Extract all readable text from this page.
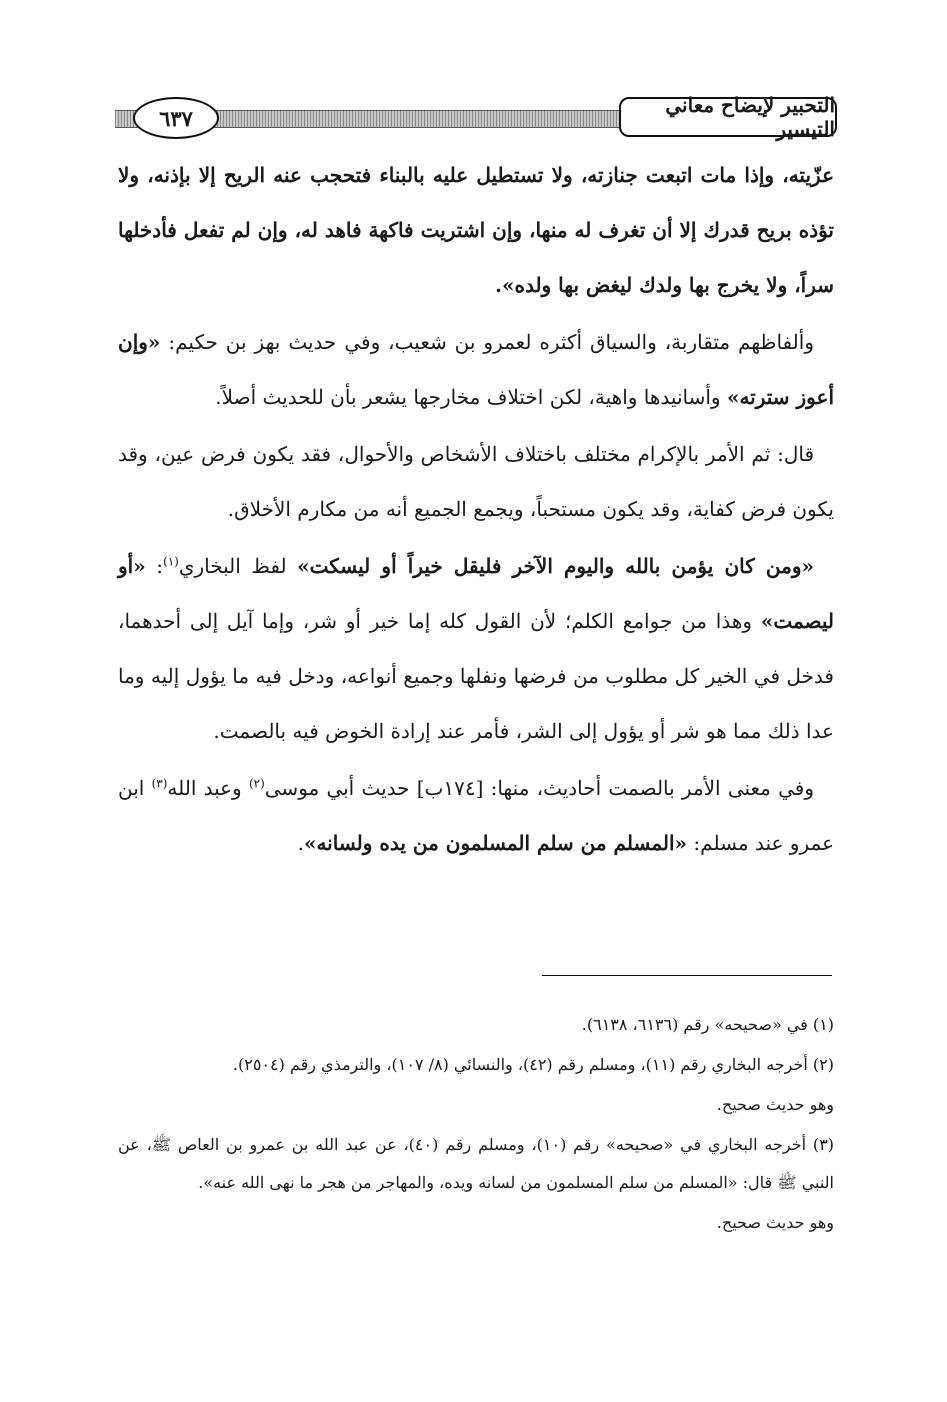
٦٣٧
التحبير لإيضاح معاني التيسير

عزّيته، وإذا مات اتبعت جنازته، ولا تستطيل عليه بالبناء فتحجب عنه الريح إلا بإذنه، ولا تؤذه بريح قدرك إلا أن تغرف له منها، وإن اشتريت فاكهة فاهد له، وإن لم تفعل فأدخلها سراً، ولا يخرج بها ولدك ليغض بها ولده».

وألفاظهم متقاربة، والسياق أكثره لعمرو بن شعيب، وفي حديث بهز بن حكيم: «وإن أعوز سترته» وأسانيدها واهية، لكن اختلاف مخارجها يشعر بأن للحديث أصلاً.

قال: ثم الأمر بالإكرام مختلف باختلاف الأشخاص والأحوال، فقد يكون فرض عين، وقد يكون فرض كفاية، وقد يكون مستحباً، ويجمع الجميع أنه من مكارم الأخلاق.

«ومن كان يؤمن بالله واليوم الآخر فليقل خيراً أو ليسكت» لفظ البخاري$^{(١)}$: «أو ليصمت» وهذا من جوامع الكلم؛ لأن القول كله إما خير أو شر، وإما آيل إلى أحدهما، فدخل في الخير كل مطلوب من فرضها ونفلها وجميع أنواعه، ودخل فيه ما يؤول إليه وما عدا ذلك مما هو شر أو يؤول إلى الشر، فأمر عند إرادة الخوض فيه بالصمت.

وفي معنى الأمر بالصمت أحاديث، منها: [١٧٤ب] حديث أبي موسى$^{(٢)}$ وعبد الله$^{(٣)}$ ابن عمرو عند مسلم: «المسلم من سلم المسلمون من يده ولسانه».

(١) في «صحيحه» رقم (٦١٣٦، ٦١٣٨).

(٢) أخرجه البخاري رقم (١١)، ومسلم رقم (٤٢)، والنسائي (٨/ ١٠٧)، والترمذي رقم (٢٥٠٤).

وهو حديث صحيح.

(٣) أخرجه البخاري في «صحيحه» رقم (١٠)، ومسلم رقم (٤٠)، عن عبد الله بن عمرو بن العاص ﷺ، عن النبي ﷺ قال: «المسلم من سلم المسلمون من لسانه ويده، والمهاجر من هجر ما نهى الله عنه».

وهو حديث صحيح.
